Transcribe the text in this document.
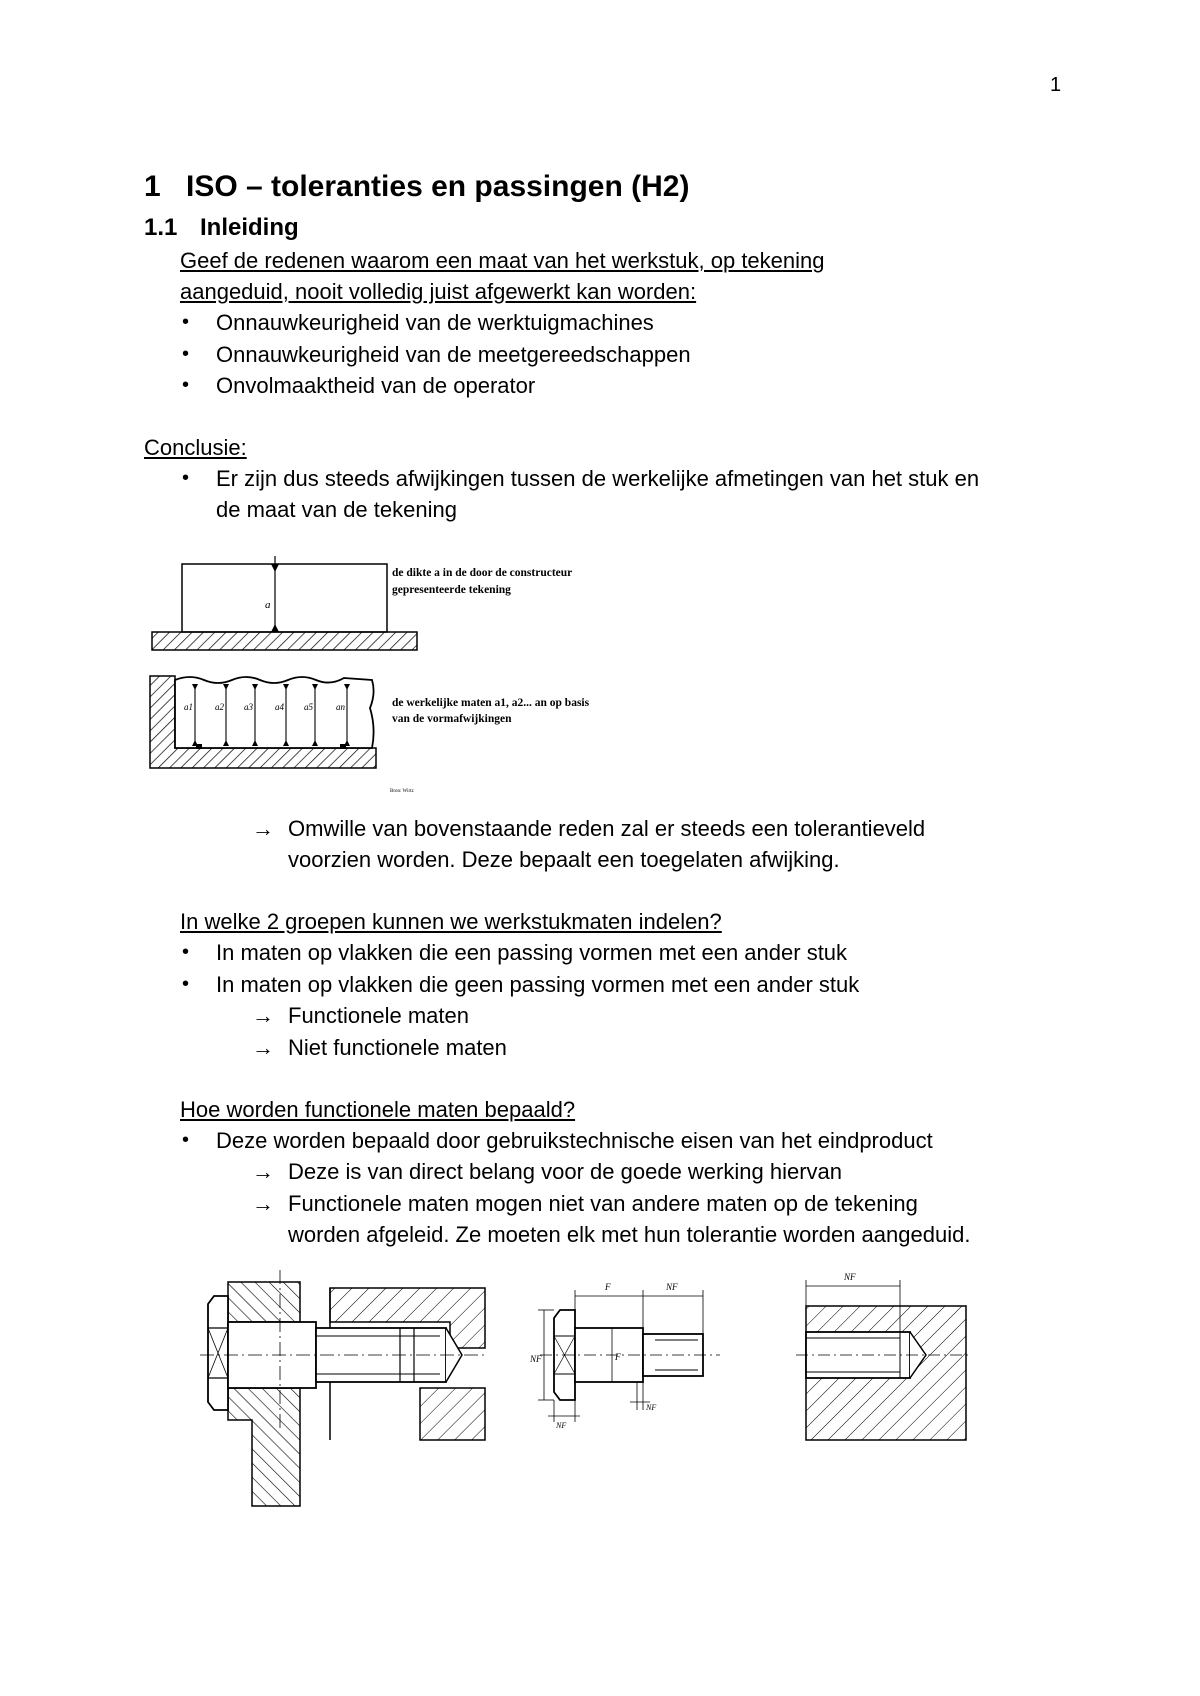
1
1 ISO – toleranties en passingen (H2)
1.1 Inleiding
Geef de redenen waarom een maat van het werkstuk, op tekening
aangeduid, nooit volledig juist afgewerkt kan worden:
• Onnauwkeurigheid van de werktuigmachines
• Onnauwkeurigheid van de meetgereedschappen
• Onvolmaaktheid van de operator
Conclusie:
• Er zijn dus steeds afwijkingen tussen de werkelijke afmetingen van het stuk en
de maat van de tekening
a
de dikte a in de door de constructeur
gepresenteerde tekening
a1 a2 a3 a4 a5	an	de werkelijke maten a1, a2... an op basis
van de vormafwijkingen
Bron: Wirtz
→ Omwille van bovenstaande reden zal er steeds een tolerantieveld
voorzien worden. Deze bepaalt een toegelaten afwijking.
In welke 2 groepen kunnen we werkstukmaten indelen?
• In maten op vlakken die een passing vormen met een ander stuk
• In maten op vlakken die geen passing vormen met een ander stuk
→ Functionele maten
→ Niet functionele maten
Hoe worden functionele maten bepaald?
• Deze worden bepaald door gebruikstechnische eisen van het eindproduct
→ Deze is van direct belang voor de goede werking hiervan
→ Functionele maten mogen niet van andere maten op de tekening
worden afgeleid. Ze moeten elk met hun tolerantie worden aangeduid.
F	NF
NF	F
NF
NF
NF
